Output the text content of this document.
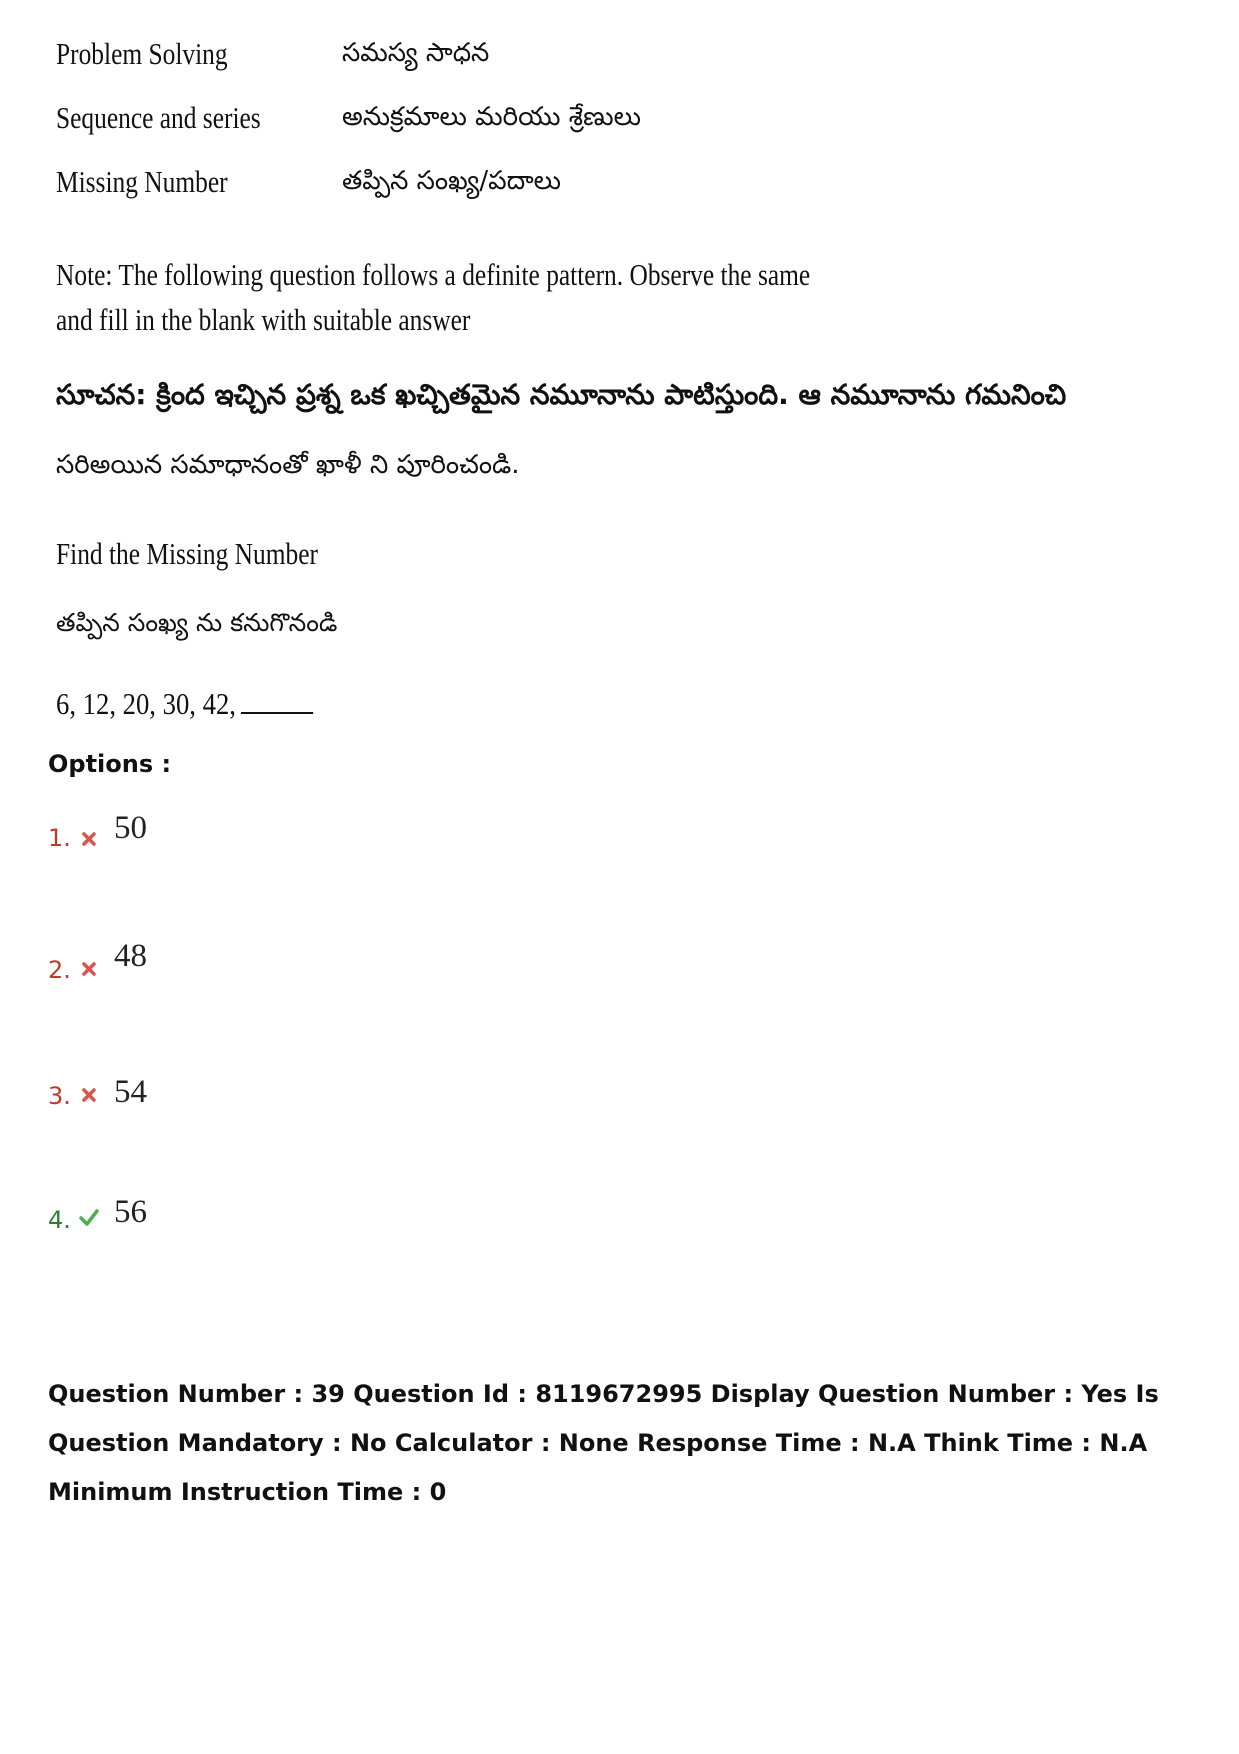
Problem Solving	సమస్య సాధన
Sequence and series	అనుక్రమాలు మరియు శ్రేణులు
Missing Number	తప్పిన సంఖ్య/పదాలు
Note: The following question follows a definite pattern. Observe the same and fill in the blank with suitable answer
సూచన: క్రింద ఇచ్చిన ప్రశ్న ఒక ఖచ్చితమైన నమూనాను పాటిస్తుంది. ఆ నమూనాను గమనించి
సరిఅయిన సమాధానంతో ఖాళీ ని పూరించండి.
Find the Missing Number
తప్పిన సంఖ్య ను కనుగొనండి
6, 12, 20, 30, 42,
Options :
1. 50
2. 48
3. 54
4. 56
Question Number : 39 Question Id : 8119672995 Display Question Number : Yes Is Question Mandatory : No Calculator : None Response Time : N.A Think Time : N.A Minimum Instruction Time : 0
